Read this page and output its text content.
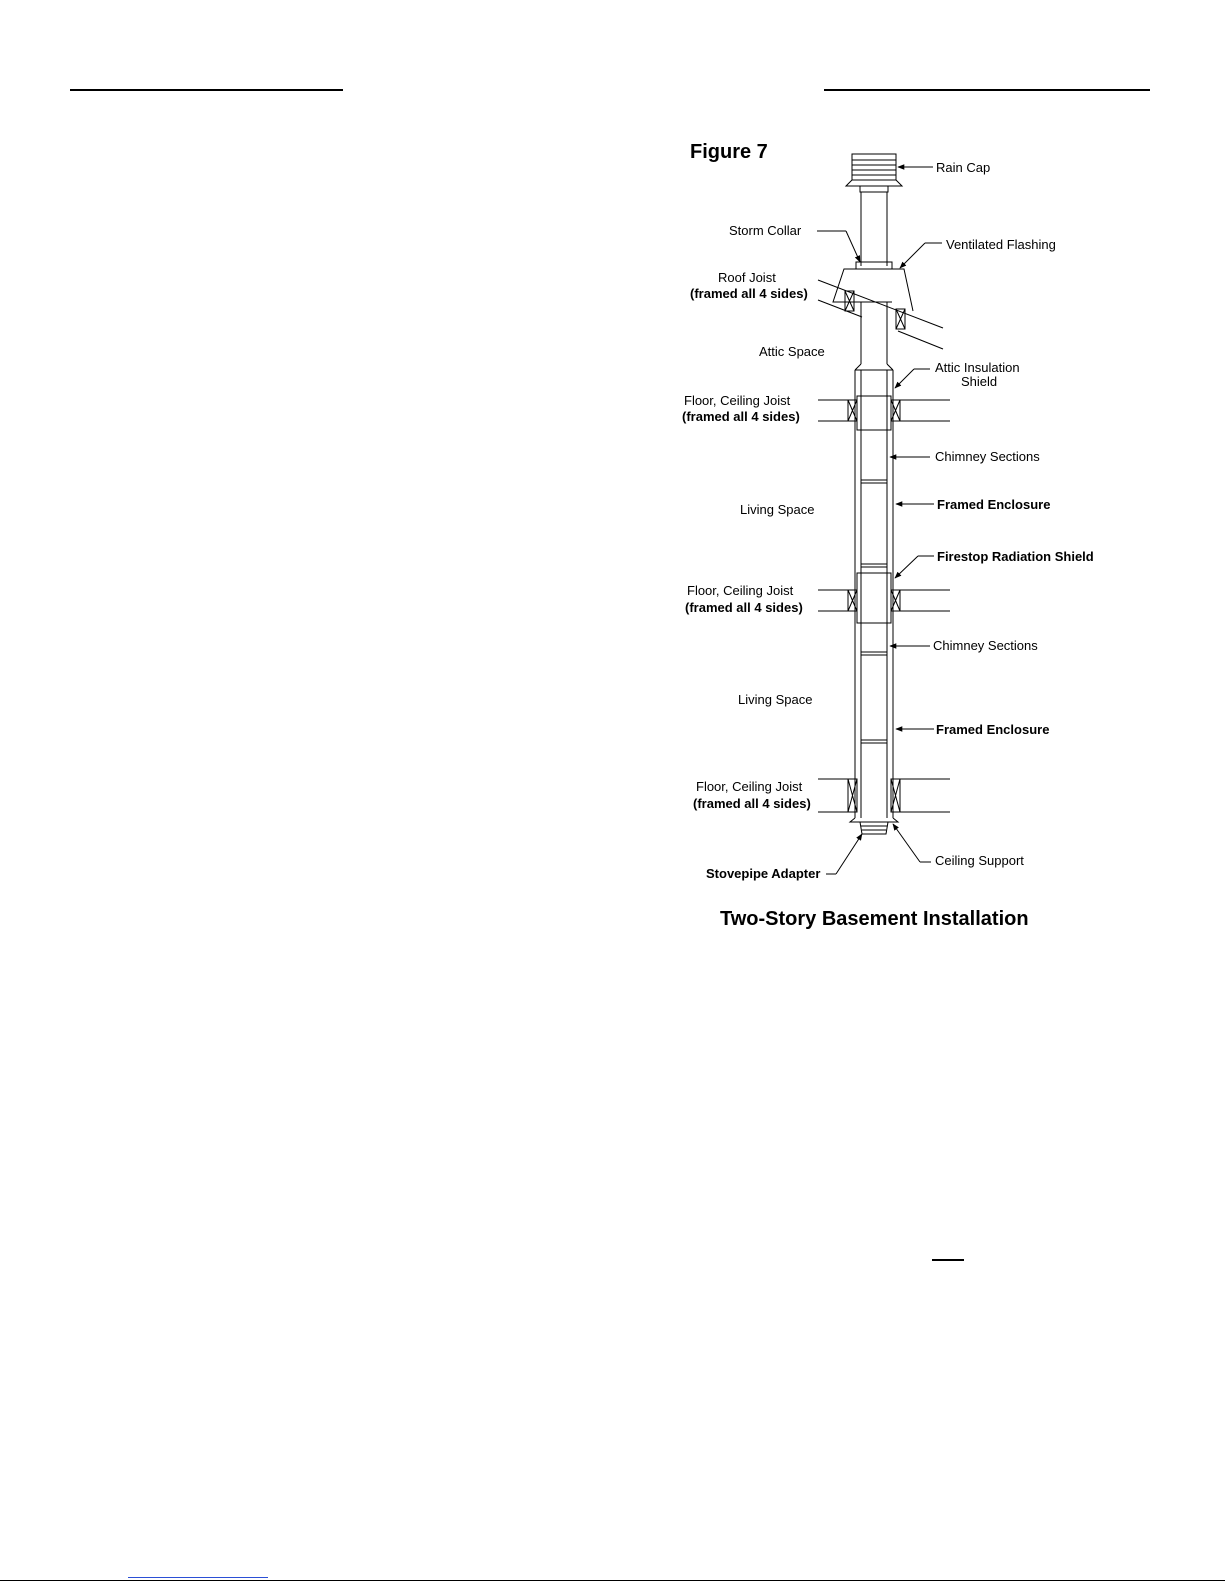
Figure 7
Rain Cap
Storm Collar
Ventilated Flashing
Roof Joist
(framed all 4 sides)
Attic Space
Attic Insulation
Shield
Floor, Ceiling Joist
(framed all 4 sides)
Chimney Sections
Framed Enclosure
Living Space
Firestop Radiation Shield
Floor, Ceiling Joist
(framed all 4 sides)
Chimney Sections
Living Space
Framed Enclosure
Floor, Ceiling Joist
(framed all 4 sides)
Ceiling Support
Stovepipe Adapter
Two-Story Basement Installation
